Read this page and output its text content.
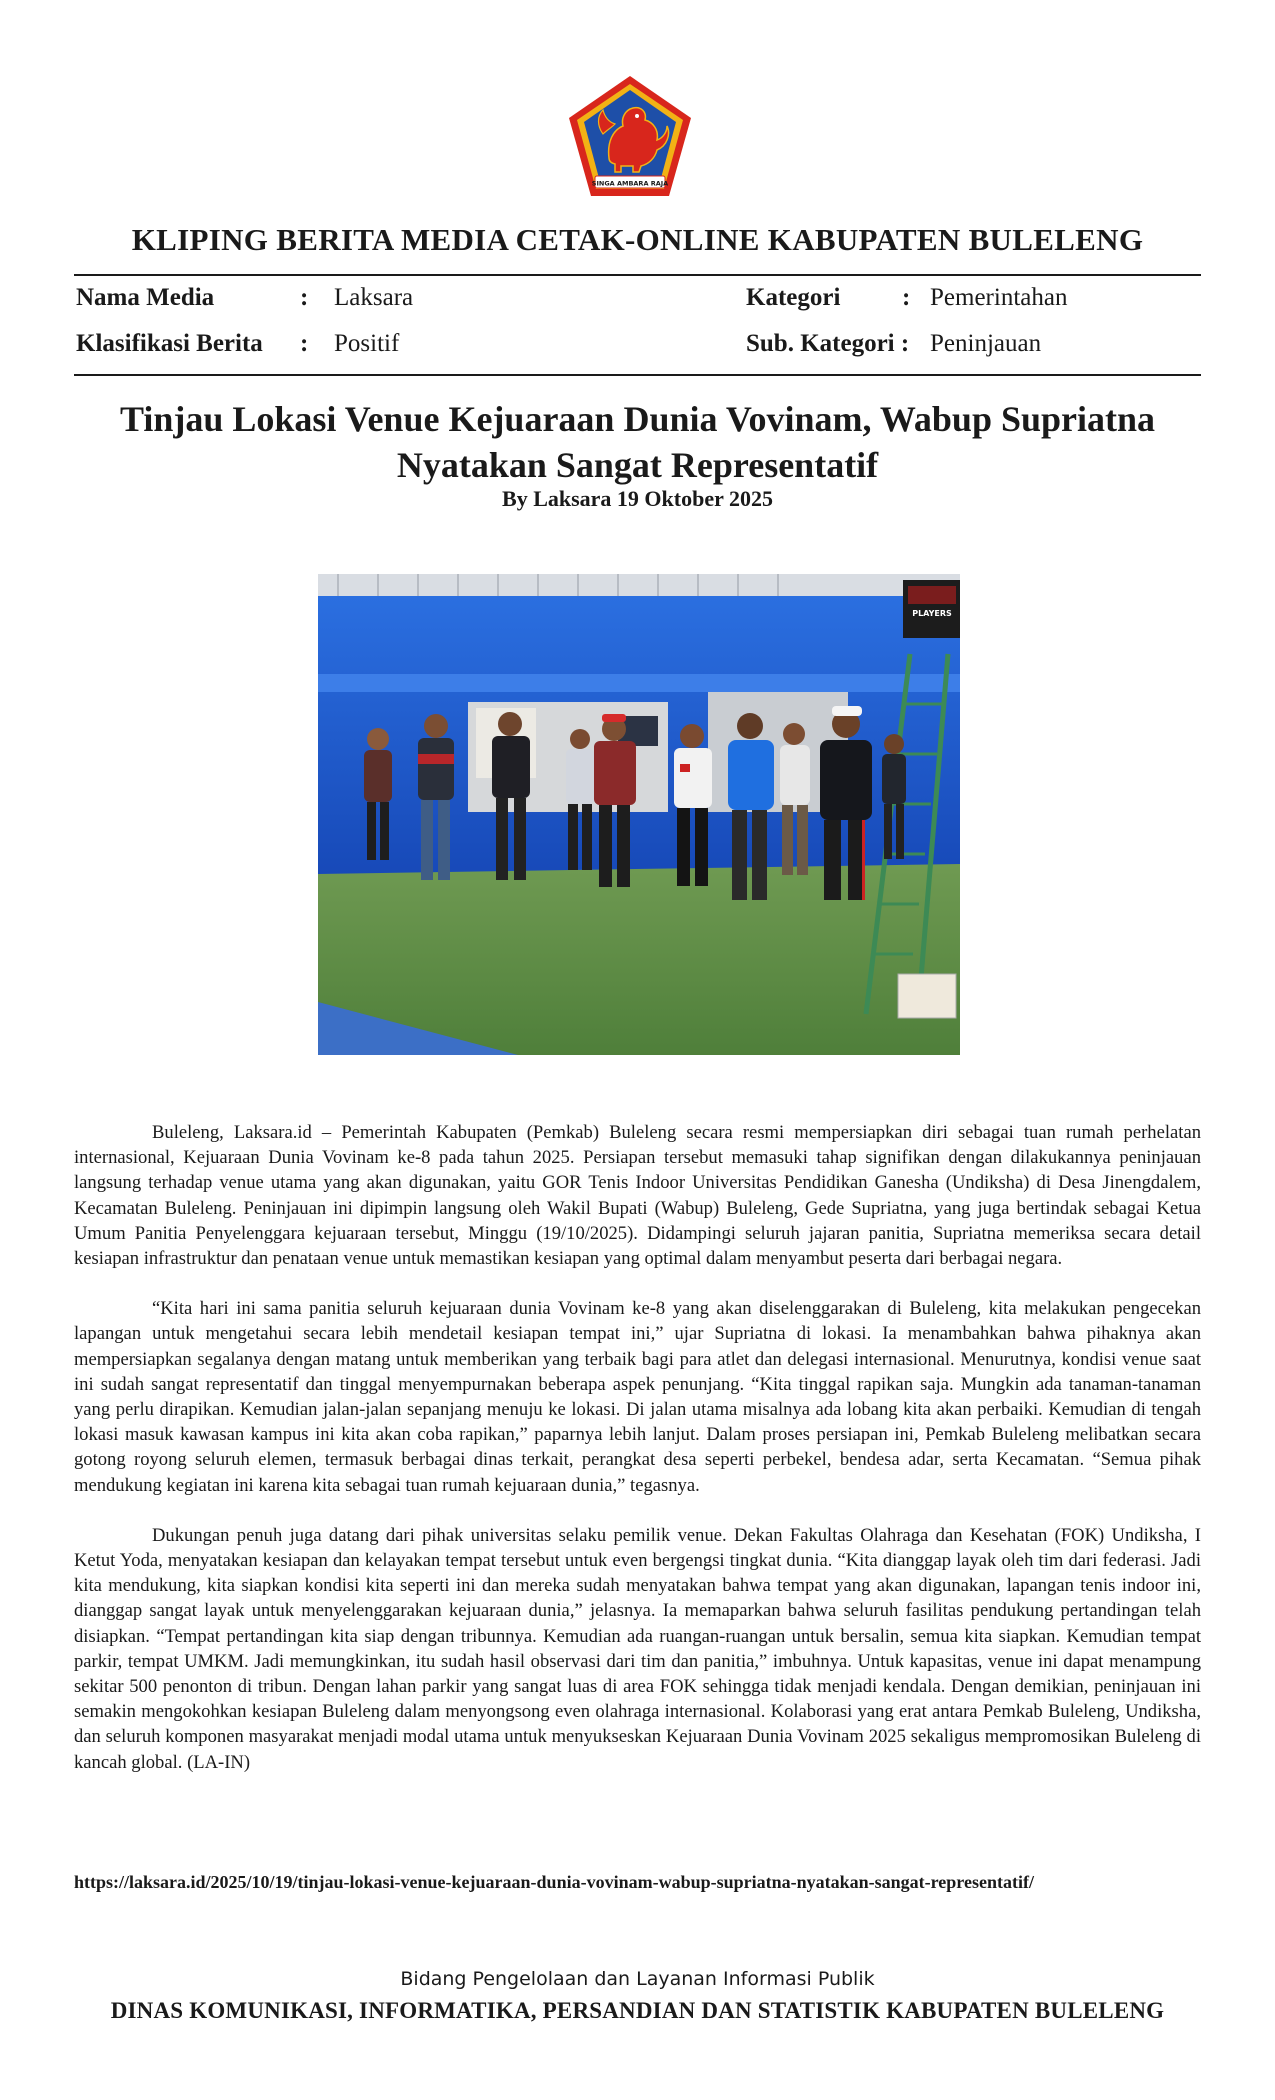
SINGA AMBARA RAJA
KLIPING BERITA MEDIA CETAK-ONLINE KABUPATEN BULELENG
Nama Media	: Laksara	Kategori : Pemerintahan
Klasifikasi Berita : Positif	Sub. Kategori : Peninjauan
Tinjau Lokasi Venue Kejuaraan Dunia Vovinam, Wabup Supriatna Nyatakan Sangat Representatif
By Laksara 19 Oktober 2025
PLAYERS

Buleleng, Laksara.id – Pemerintah Kabupaten (Pemkab) Buleleng secara resmi mempersiapkan diri sebagai tuan rumah perhelatan internasional, Kejuaraan Dunia Vovinam ke-8 pada tahun 2025. Persiapan tersebut memasuki tahap signifikan dengan dilakukannya peninjauan langsung terhadap venue utama yang akan digunakan, yaitu GOR Tenis Indoor Universitas Pendidikan Ganesha (Undiksha) di Desa Jinengdalem, Kecamatan Buleleng. Peninjauan ini dipimpin langsung oleh Wakil Bupati (Wabup) Buleleng, Gede Supriatna, yang juga bertindak sebagai Ketua Umum Panitia Penyelenggara kejuaraan tersebut, Minggu (19/10/2025). Didampingi seluruh jajaran panitia, Supriatna memeriksa secara detail kesiapan infrastruktur dan penataan venue untuk memastikan kesiapan yang optimal dalam menyambut peserta dari berbagai negara.

“Kita hari ini sama panitia seluruh kejuaraan dunia Vovinam ke-8 yang akan diselenggarakan di Buleleng, kita melakukan pengecekan lapangan untuk mengetahui secara lebih mendetail kesiapan tempat ini,” ujar Supriatna di lokasi. Ia menambahkan bahwa pihaknya akan mempersiapkan segalanya dengan matang untuk memberikan yang terbaik bagi para atlet dan delegasi internasional. Menurutnya, kondisi venue saat ini sudah sangat representatif dan tinggal menyempurnakan beberapa aspek penunjang. “Kita tinggal rapikan saja. Mungkin ada tanaman-tanaman yang perlu dirapikan. Kemudian jalan-jalan sepanjang menuju ke lokasi. Di jalan utama misalnya ada lobang kita akan perbaiki. Kemudian di tengah lokasi masuk kawasan kampus ini kita akan coba rapikan,” paparnya lebih lanjut. Dalam proses persiapan ini, Pemkab Buleleng melibatkan secara gotong royong seluruh elemen, termasuk berbagai dinas terkait, perangkat desa seperti perbekel, bendesa adar, serta Kecamatan. “Semua pihak mendukung kegiatan ini karena kita sebagai tuan rumah kejuaraan dunia,” tegasnya.

Dukungan penuh juga datang dari pihak universitas selaku pemilik venue. Dekan Fakultas Olahraga dan Kesehatan (FOK) Undiksha, I Ketut Yoda, menyatakan kesiapan dan kelayakan tempat tersebut untuk even bergengsi tingkat dunia. “Kita dianggap layak oleh tim dari federasi. Jadi kita mendukung, kita siapkan kondisi kita seperti ini dan mereka sudah menyatakan bahwa tempat yang akan digunakan, lapangan tenis indoor ini, dianggap sangat layak untuk menyelenggarakan kejuaraan dunia,” jelasnya. Ia memaparkan bahwa seluruh fasilitas pendukung pertandingan telah disiapkan. “Tempat pertandingan kita siap dengan tribunnya. Kemudian ada ruangan-ruangan untuk bersalin, semua kita siapkan. Kemudian tempat parkir, tempat UMKM. Jadi memungkinkan, itu sudah hasil observasi dari tim dan panitia,” imbuhnya. Untuk kapasitas, venue ini dapat menampung sekitar 500 penonton di tribun. Dengan lahan parkir yang sangat luas di area FOK sehingga tidak menjadi kendala. Dengan demikian, peninjauan ini semakin mengokohkan kesiapan Buleleng dalam menyongsong even olahraga internasional. Kolaborasi yang erat antara Pemkab Buleleng, Undiksha, dan seluruh komponen masyarakat menjadi modal utama untuk menyukseskan Kejuaraan Dunia Vovinam 2025 sekaligus mempromosikan Buleleng di kancah global. (LA-IN)

https://laksara.id/2025/10/19/tinjau-lokasi-venue-kejuaraan-dunia-vovinam-wabup-supriatna-nyatakan-sangat-representatif/
Bidang Pengelolaan dan Layanan Informasi Publik
DINAS KOMUNIKASI, INFORMATIKA, PERSANDIAN DAN STATISTIK KABUPATEN BULELENG
